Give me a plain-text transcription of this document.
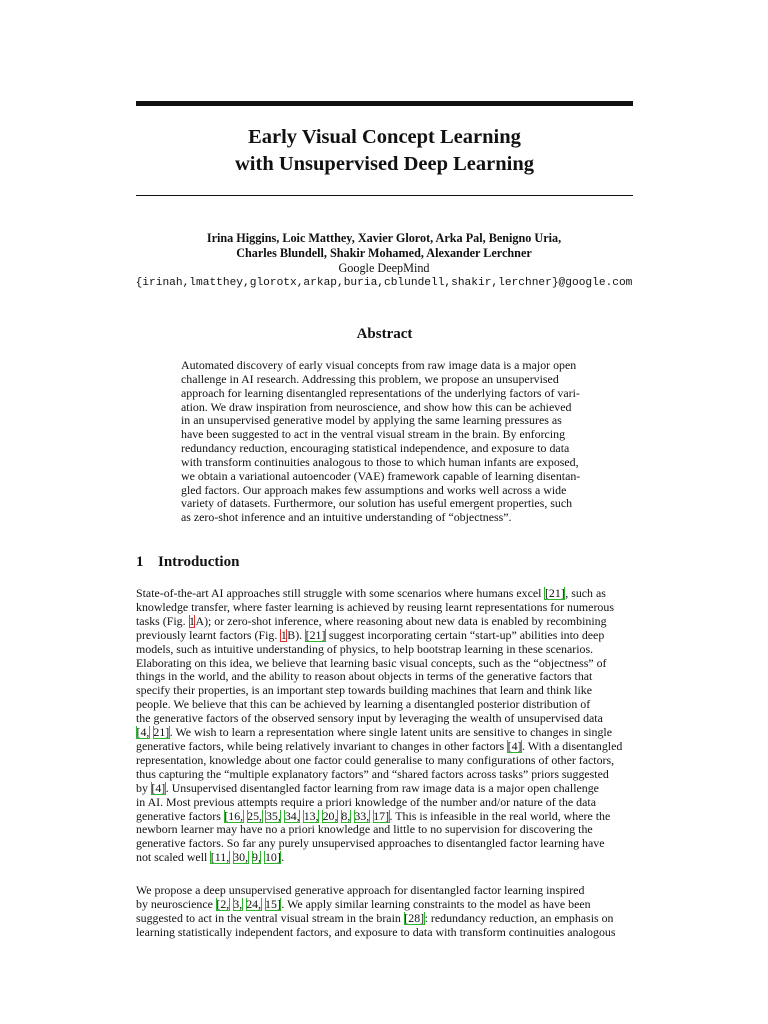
Early Visual Concept Learning
with Unsupervised Deep Learning
Irina Higgins, Loic Matthey, Xavier Glorot, Arka Pal, Benigno Uria,
Charles Blundell, Shakir Mohamed, Alexander Lerchner
Google DeepMind
{irinah,lmatthey,glorotx,arkap,buria,cblundell,shakir,lerchner}@google.com
Abstract
Automated discovery of early visual concepts from raw image data is a major open
challenge in AI research. Addressing this problem, we propose an unsupervised
approach for learning disentangled representations of the underlying factors of vari-
ation. We draw inspiration from neuroscience, and show how this can be achieved
in an unsupervised generative model by applying the same learning pressures as
have been suggested to act in the ventral visual stream in the brain. By enforcing
redundancy reduction, encouraging statistical independence, and exposure to data
with transform continuities analogous to those to which human infants are exposed,
we obtain a variational autoencoder (VAE) framework capable of learning disentan-
gled factors. Our approach makes few assumptions and works well across a wide
variety of datasets. Furthermore, our solution has useful emergent properties, such
as zero-shot inference and an intuitive understanding of “objectness”.
1 Introduction
State-of-the-art AI approaches still struggle with some scenarios where humans excel [21], such as
knowledge transfer, where faster learning is achieved by reusing learnt representations for numerous
tasks (Fig. 1A); or zero-shot inference, where reasoning about new data is enabled by recombining
previously learnt factors (Fig. 1B). [21] suggest incorporating certain “start-up” abilities into deep
models, such as intuitive understanding of physics, to help bootstrap learning in these scenarios.
Elaborating on this idea, we believe that learning basic visual concepts, such as the “objectness” of
things in the world, and the ability to reason about objects in terms of the generative factors that
specify their properties, is an important step towards building machines that learn and think like
people. We believe that this can be achieved by learning a disentangled posterior distribution of
the generative factors of the observed sensory input by leveraging the wealth of unsupervised data
[4, 21]. We wish to learn a representation where single latent units are sensitive to changes in single
generative factors, while being relatively invariant to changes in other factors [4]. With a disentangled
representation, knowledge about one factor could generalise to many configurations of other factors,
thus capturing the “multiple explanatory factors” and “shared factors across tasks” priors suggested
by [4]. Unsupervised disentangled factor learning from raw image data is a major open challenge
in AI. Most previous attempts require a priori knowledge of the number and/or nature of the data
generative factors [16, 25, 35, 34, 13, 20, 8, 33, 17]. This is infeasible in the real world, where the
newborn learner may have no a priori knowledge and little to no supervision for discovering the
generative factors. So far any purely unsupervised approaches to disentangled factor learning have
not scaled well [11, 30, 9, 10].
We propose a deep unsupervised generative approach for disentangled factor learning inspired
by neuroscience [2, 3, 24, 15]. We apply similar learning constraints to the model as have been
suggested to act in the ventral visual stream in the brain [28]: redundancy reduction, an emphasis on
learning statistically independent factors, and exposure to data with transform continuities analogous
